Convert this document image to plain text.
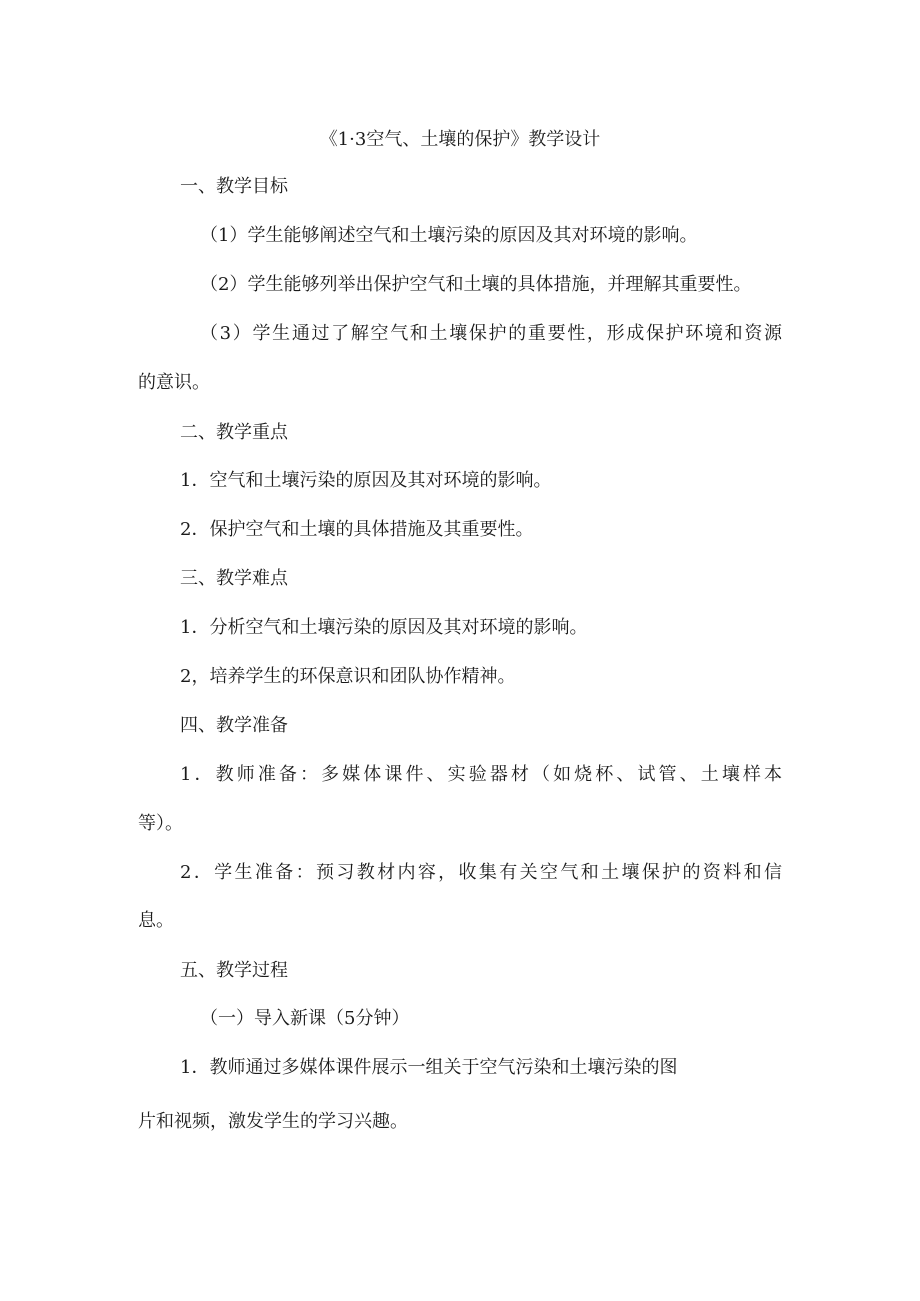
《1·3空气、土壤的保护》教学设计

一、教学目标

（1）学生能够阐述空气和土壤污染的原因及其对环境的影响。

（2）学生能够列举出保护空气和土壤的具体措施，并理解其重要性。

（3）学生通过了解空气和土壤保护的重要性，形成保护环境和资源

的意识。

二、教学重点

1．空气和土壤污染的原因及其对环境的影响。

2．保护空气和土壤的具体措施及其重要性。

三、教学难点

1．分析空气和土壤污染的原因及其对环境的影响。

2，培养学生的环保意识和团队协作精神。

四、教学准备

1．教师准备：多媒体课件、实验器材（如烧杯、试管、土壤样本

等）。

2．学生准备：预习教材内容，收集有关空气和土壤保护的资料和信

息。

五、教学过程

（一）导入新课（5分钟）

1．教师通过多媒体课件展示一组关于空气污染和土壤污染的图

片和视频，激发学生的学习兴趣。
